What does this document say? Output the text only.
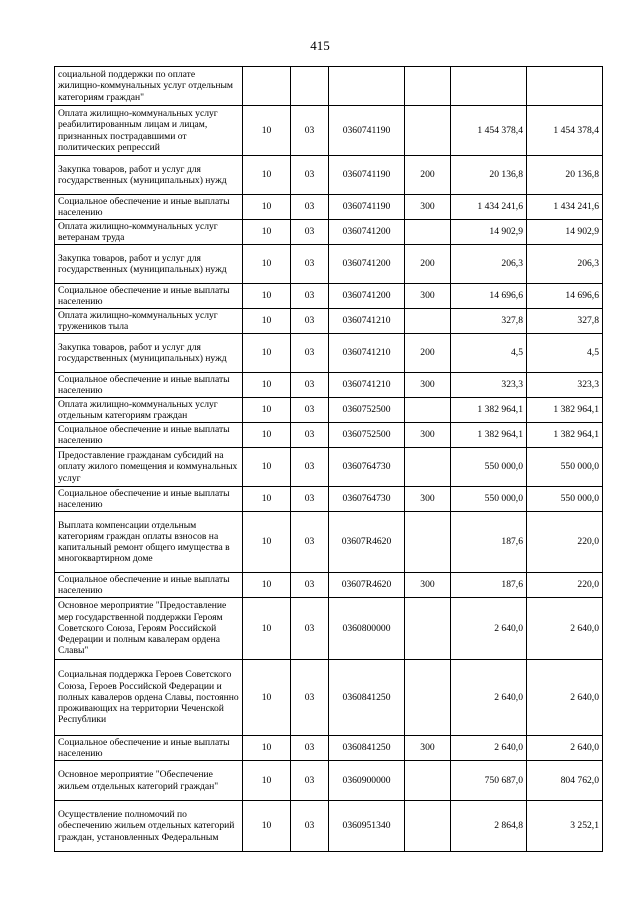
415
социальной поддержки по оплате жилищно-коммунальных услуг отдельным категориям граждан"						
Оплата жилищно-коммунальных услуг реабилитированным лицам и лицам, признанных пострадавшими от политических репрессий	10	03	0360741190		1 454 378,4	1 454 378,4
Закупка товаров, работ и услуг для государственных (муниципальных) нужд	10	03	0360741190	200	20 136,8	20 136,8
Социальное обеспечение и иные выплаты населению	10	03	0360741190	300	1 434 241,6	1 434 241,6
Оплата жилищно-коммунальных услуг ветеранам труда	10	03	0360741200		14 902,9	14 902,9
Закупка товаров, работ и услуг для государственных (муниципальных) нужд	10	03	0360741200	200	206,3	206,3
Социальное обеспечение и иные выплаты населению	10	03	0360741200	300	14 696,6	14 696,6
Оплата жилищно-коммунальных услуг тружеников тыла	10	03	0360741210		327,8	327,8
Закупка товаров, работ и услуг для государственных (муниципальных) нужд	10	03	0360741210	200	4,5	4,5
Социальное обеспечение и иные выплаты населению	10	03	0360741210	300	323,3	323,3
Оплата жилищно-коммунальных услуг отдельным категориям граждан	10	03	0360752500		1 382 964,1	1 382 964,1
Социальное обеспечение и иные выплаты населению	10	03	0360752500	300	1 382 964,1	1 382 964,1
Предоставление гражданам субсидий на оплату жилого помещения и коммунальных услуг	10	03	0360764730		550 000,0	550 000,0
Социальное обеспечение и иные выплаты населению	10	03	0360764730	300	550 000,0	550 000,0
Выплата компенсации отдельным категориям граждан оплаты взносов на капитальный ремонт общего имущества в многоквартирном доме	10	03	03607R4620		187,6	220,0
Социальное обеспечение и иные выплаты населению	10	03	03607R4620	300	187,6	220,0
Основное мероприятие "Предоставление мер государственной поддержки Героям Советского Союза, Героям Российской Федерации и полным кавалерам ордена Славы"	10	03	0360800000		2 640,0	2 640,0
Социальная поддержка Героев Советского Союза, Героев Российской Федерации и полных кавалеров ордена Славы, постоянно проживающих на территории Чеченской Республики	10	03	0360841250		2 640,0	2 640,0
Социальное обеспечение и иные выплаты населению	10	03	0360841250	300	2 640,0	2 640,0
Основное мероприятие "Обеспечение жильем отдельных категорий граждан"	10	03	0360900000		750 687,0	804 762,0
Осуществление полномочий по обеспечению жильем отдельных категорий граждан, установленных Федеральным	10	03	0360951340		2 864,8	3 252,1
